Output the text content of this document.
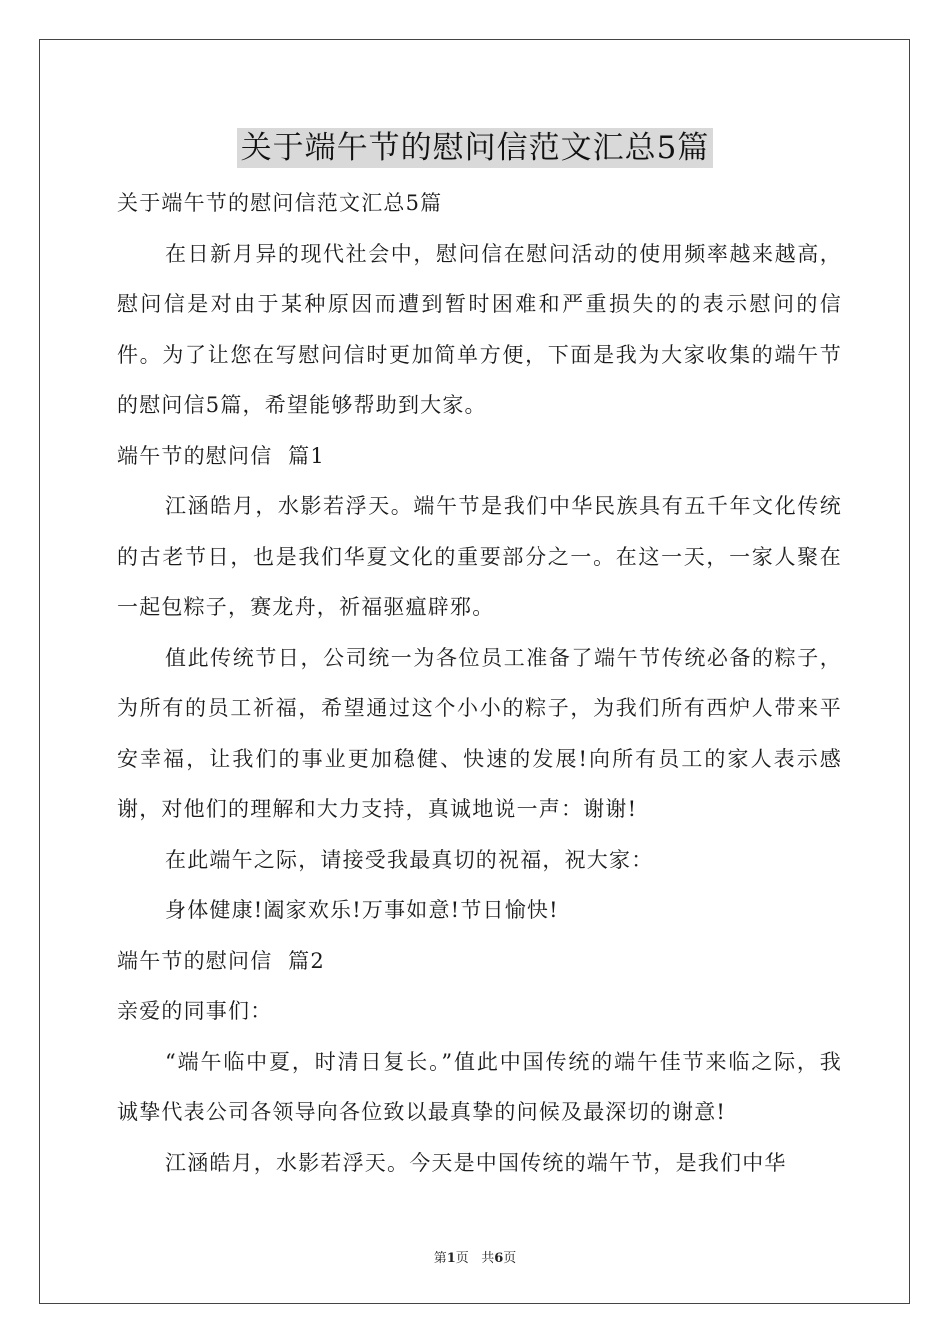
关于端午节的慰问信范文汇总5篇

关于端午节的慰问信范文汇总5篇

在日新月异的现代社会中，慰问信在慰问活动的使用频率越来越高，慰问信是对由于某种原因而遭到暂时困难和严重损失的的表示慰问的信件。为了让您在写慰问信时更加简单方便，下面是我为大家收集的端午节的慰问信5篇，希望能够帮助到大家。

端午节的慰问信  篇1

江涵皓月，水影若浮天。端午节是我们中华民族具有五千年文化传统的古老节日，也是我们华夏文化的重要部分之一。在这一天，一家人聚在一起包粽子，赛龙舟，祈福驱瘟辟邪。

值此传统节日，公司统一为各位员工准备了端午节传统必备的粽子，为所有的员工祈福，希望通过这个小小的粽子，为我们所有西炉人带来平安幸福，让我们的事业更加稳健、快速的发展!向所有员工的家人表示感谢，对他们的理解和大力支持，真诚地说一声：谢谢!

在此端午之际，请接受我最真切的祝福，祝大家：

身体健康!阖家欢乐!万事如意!节日愉快!

端午节的慰问信  篇2

亲爱的同事们：

“端午临中夏，时清日复长。”值此中国传统的端午佳节来临之际，我诚挚代表公司各领导向各位致以最真挚的问候及最深切的谢意!

江涵皓月，水影若浮天。今天是中国传统的端午节，是我们中华

第1页   共6页
